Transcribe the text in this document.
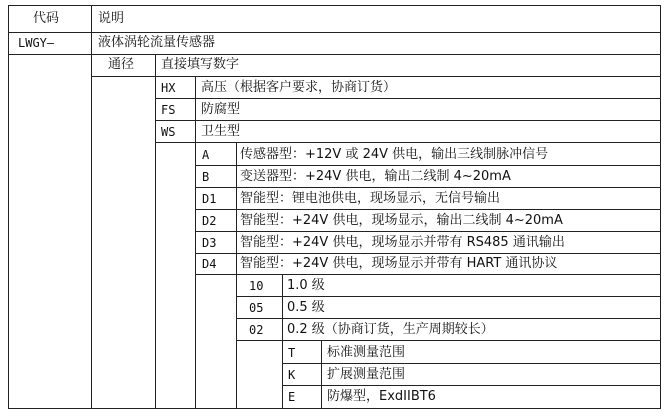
代码	说明
LWGY—	液体涡轮流量传感器
通径 直接填写数字
HX 高压（根据客户要求，协商订货）
FS 防腐型
WS 卫生型
A 传感器型：+12V 或 24V 供电，输出三线制脉冲信号
B 变送器型：+24V 供电，输出二线制 4~20mA
D1 智能型：锂电池供电，现场显示，无信号输出
D2 智能型：+24V 供电，现场显示，输出二线制 4~20mA
D3 智能型：+24V 供电，现场显示并带有 RS485 通讯输出
D4 智能型：+24V 供电，现场显示并带有 HART 通讯协议
10 1.0 级
05 0.5 级
02 0.2 级（协商订货，生产周期较长）
T 标准测量范围
K 扩展测量范围
E 防爆型，ExdIIBT6
